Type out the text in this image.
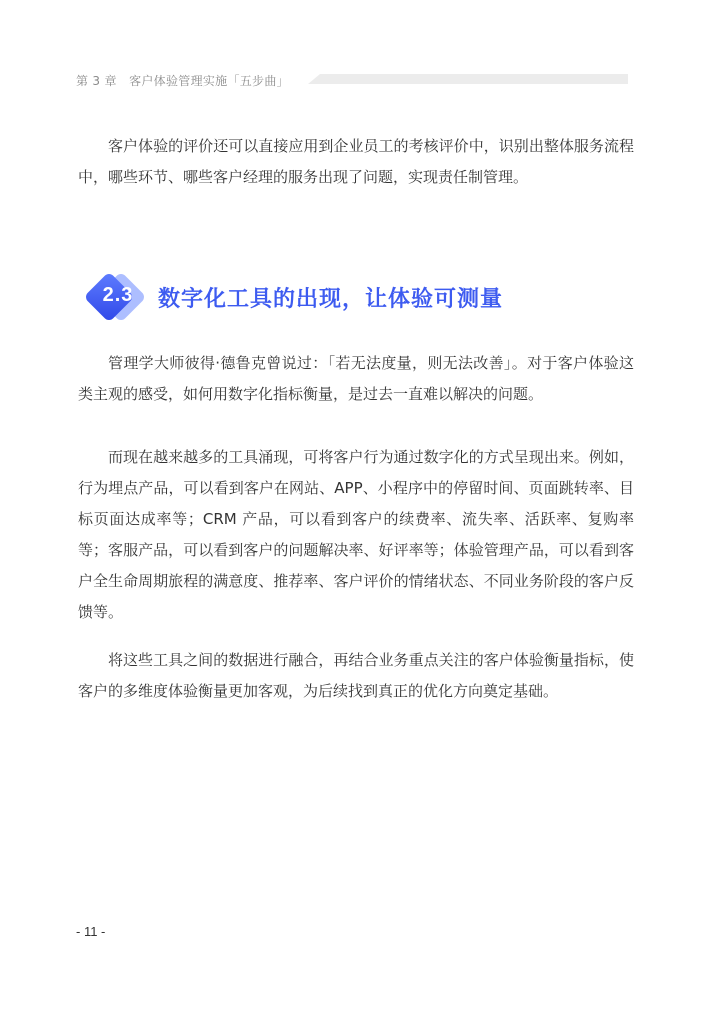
第 3 章　客户体验管理实施「五步曲」

客户体验的评价还可以直接应用到企业员工的考核评价中，识别出整体服务流程中，哪些环节、哪些客户经理的服务出现了问题，实现责任制管理。

2.3	数字化工具的出现，让体验可测量

管理学大师彼得·德鲁克曾说过：「若无法度量，则无法改善」。对于客户体验这类主观的感受，如何用数字化指标衡量，是过去一直难以解决的问题。

而现在越来越多的工具涌现，可将客户行为通过数字化的方式呈现出来。例如，行为埋点产品，可以看到客户在网站、APP、小程序中的停留时间、页面跳转率、目标页面达成率等；CRM 产品，可以看到客户的续费率、流失率、活跃率、复购率等；客服产品，可以看到客户的问题解决率、好评率等；体验管理产品，可以看到客户全生命周期旅程的满意度、推荐率、客户评价的情绪状态、不同业务阶段的客户反馈等。

将这些工具之间的数据进行融合，再结合业务重点关注的客户体验衡量指标，使客户的多维度体验衡量更加客观，为后续找到真正的优化方向奠定基础。

- 11 -
